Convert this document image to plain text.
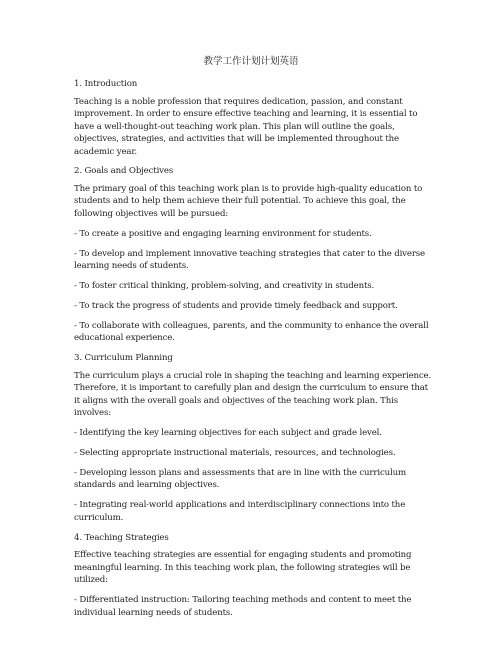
教学工作计划计划英语

1. Introduction

Teaching is a noble profession that requires dedication, passion, and constant improvement. In order to ensure effective teaching and learning, it is essential to have a well-thought-out teaching work plan. This plan will outline the goals, objectives, strategies, and activities that will be implemented throughout the academic year.

2. Goals and Objectives

The primary goal of this teaching work plan is to provide high-quality education to students and to help them achieve their full potential. To achieve this goal, the following objectives will be pursued:

- To create a positive and engaging learning environment for students.

- To develop and implement innovative teaching strategies that cater to the diverse learning needs of students.

- To foster critical thinking, problem-solving, and creativity in students.

- To track the progress of students and provide timely feedback and support.

- To collaborate with colleagues, parents, and the community to enhance the overall educational experience.

3. Curriculum Planning

The curriculum plays a crucial role in shaping the teaching and learning experience. Therefore, it is important to carefully plan and design the curriculum to ensure that it aligns with the overall goals and objectives of the teaching work plan. This involves:

- Identifying the key learning objectives for each subject and grade level.

- Selecting appropriate instructional materials, resources, and technologies.

- Developing lesson plans and assessments that are in line with the curriculum standards and learning objectives.

- Integrating real-world applications and interdisciplinary connections into the curriculum.

4. Teaching Strategies

Effective teaching strategies are essential for engaging students and promoting meaningful learning. In this teaching work plan, the following strategies will be utilized:

- Differentiated instruction: Tailoring teaching methods and content to meet the individual learning needs of students.
